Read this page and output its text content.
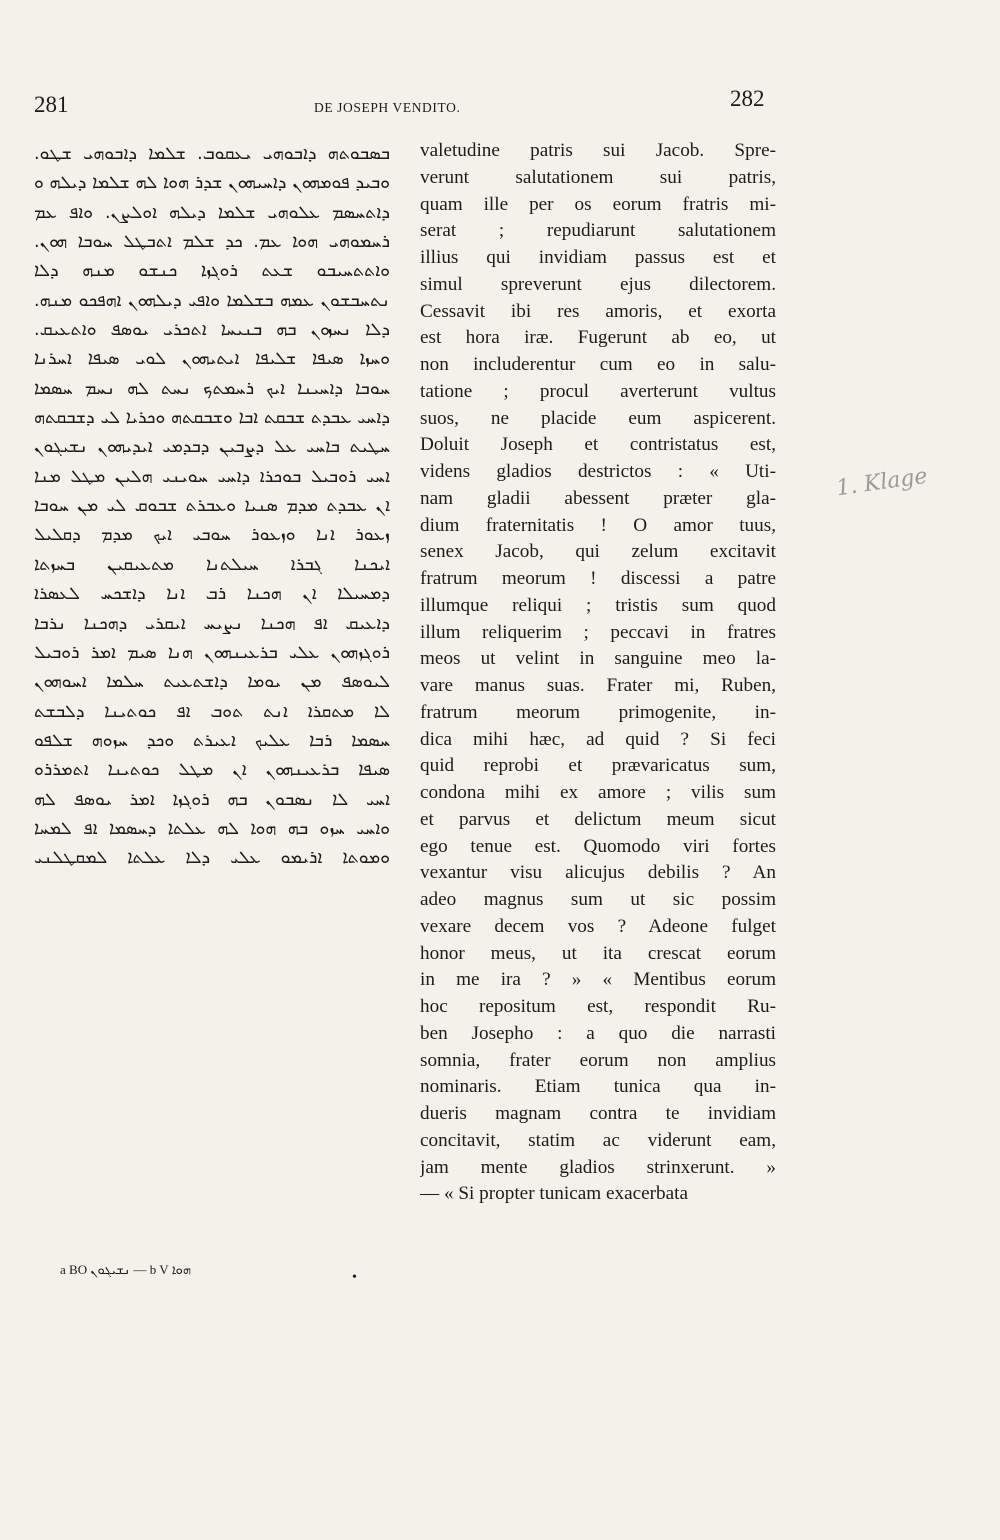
281	DE JOSEPH VENDITO.	282
ܒܣܒܘܬܗ ܕܐܒܘܗܝ ܝܥܩܘܒ. ܫܠܡܐ ܕܐܒܘܗܝ ܫܛܘ.
ܘܒܝܕ ܦܘܡܗܘܢ ܕܐܚܝܗܘܢ ܫܕܪ ܗܘܐ ܠܗ ܫܠܡܐ ܕܝܠܗ ܘ
ܕܐܬܚܣܡ ܥܠܘܗܝ ܫܠܡܐ ܕܝܠܗ ܐܘܠܨܢ. ܘܐܦ ܥܡ
ܪܚܡܘܗܝ ܗܘܐ ܥܡ. ܟܕ ܫܠܡ ܐܬܒܛܠ ܚܘܒܐ ܗܘܢ.
ܘܐܬܬܚܝܒܘ ܫܥܬ ܪܘܓܙܐ ܟܢܫܘ ܡܢܗ ܕܠܐ
ܢܬܚܒܫܘܢ ܥܡܗ ܒܫܠܡܐ ܘܐܦܝ ܕܝܠܗܘܢ ܐܗܦܟܘ ܡܢܗ.
ܕܠܐ ܢܚܙܘܢ ܒܗ ܒܢܝܚܐ ܐܬܟܪܝ ܝܘܣܦ ܘܐܬܥܝܩ.
ܘܚܙܐ ܣܝܦܐ ܫܠܝܦܐ ܐܝܬܝܗܘܢ ܠܘܝ ܣܝܦܐ ܐܚܪܢܐ
ܚܘܒܐ ܕܐܚܝܢܐ ܐܝܟ ܪܚܡܬܟ ܢܚܬ ܠܗ ܢܚܡ ܚܣܡܐ
ܕܐܚܝ ܥܒܕܬ ܫܒܩܬ ܐܒܐ ܘܫܒܩܬܗ ܘܟܪܝܐ ܠܝ ܕܫܒܩܬܗ
ܚܛܝܬ ܒܐܚܝ ܥܠ ܕܨܒܝܢ ܕܒܕܡܝ ܐܝܕܝܗܘܢ ܢܫܝܓܘܢ
ܐܚܝ ܪܘܒܝܠ ܒܘܟܪܐ ܕܐܚܝ ܚܘܝܢܝ ܗܠܝܢ ܡܛܠ ܡܢܐ
ܐܢ ܥܒܕܬ ܡܕܡ ܣܢܝܐ ܘܥܒܪܬ ܫܒܘܩ ܠܝ ܡܢ ܚܘܒܐ
ܙܥܘܪ ܐܢܐ ܘܙܥܘܪ ܚܘܒܝ ܐܝܟ ܡܕܡ ܕܩܠܝܠ
ܐܝܟܢܐ ܓܒܪܐ ܚܝܠܬܢܐ ܡܬܥܝܩܝܢ ܒܚܙܬܐ
ܕܡܚܝܠܐ ܐܢ ܗܟܢܐ ܪܒ ܐܢܐ ܕܐܫܟܚ ܠܥܣܪܐ
ܕܐܥܝܩ ܐܦ ܗܟܢܐ ܢܨܝܚ ܐܝܩܪܝ ܕܗܟܢܐ ܢܪܒܐ
ܪܘܓܙܗܘܢ ܥܠܝ ܒܪܥܝܢܗܘܢ ܗܢܐ ܣܝܡ ܐܡܪ ܪܘܒܝܠ
ܠܝܘܣܦ ܡܢ ܝܘܡܐ ܕܐܫܬܥܝܬ ܚܠܡܐ ܐܚܘܗܘܢ
ܠܐ ܡܬܩܪܐ ܐܢܬ ܬܘܒ ܐܦ ܟܘܬܝܢܐ ܕܠܒܫܬ
ܚܣܡܐ ܪܒܐ ܥܠܝܟ ܐܥܝܪܬ ܘܟܕ ܚܙܘܗ ܫܠܦܘ
ܣܝܦܐ ܒܪܥܝܢܗܘܢ ܐܢ ܡܛܠ ܟܘܬܝܢܐ ܐܬܡܪܪܘ
ܐܚܝ ܠܐ ܢܣܒܘܢ ܒܗ ܪܘܓܙܐ ܐܡܪ ܝܘܣܦ ܠܗ
ܘܐܚܝ ܚܙܘ ܒܗ ܗܘܐ ܠܗ ܥܠܬܐ ܕܚܣܡܐ ܐܦ ܠܡܚܐ
ܘܡܘܬܐ ܐܪܝܡܘ ܥܠܝ ܕܠܐ ܥܠܬܐ ܠܡܩܛܠܢܝ
valetudine patris sui Jacob. Spre-
verunt salutationem sui patris,
quam ille per os eorum fratris mi-
serat ; repudiarunt salutationem
illius qui invidiam passus est et
simul spreverunt ejus dilectorem.
Cessavit ibi res amoris, et exorta
est hora iræ. Fugerunt ab eo, ut
non includerentur cum eo in salu-
tatione ; procul averterunt vultus
suos, ne placide eum aspicerent.
Doluit Joseph et contristatus est,
videns gladios destrictos : « Uti-
nam gladii abessent præter gla-
dium fraternitatis ! O amor tuus,
senex Jacob, qui zelum excitavit
fratrum meorum ! discessi a patre
illumque reliqui ; tristis sum quod
illum reliquerim ; peccavi in fratres
meos ut velint in sanguine meo la-
vare manus suas. Frater mi, Ruben,
fratrum meorum primogenite, in-
dica mihi hæc, ad quid ? Si feci
quid reprobi et prævaricatus sum,
condona mihi ex amore ; vilis sum
et parvus et delictum meum sicut
ego tenue est. Quomodo viri fortes
vexantur visu alicujus debilis ? An
adeo magnus sum ut sic possim
vexare decem vos ? Adeone fulget
honor meus, ut ita crescat eorum
in me ira ? » « Mentibus eorum
hoc repositum est, respondit Ru-
ben Josepho : a quo die narrasti
somnia, frater eorum non amplius
nominaris. Etiam tunica qua in-
dueris magnam contra te invidiam
concitavit, statim ac viderunt eam,
jam mente gladios strinxerunt. »
— « Si propter tunicam exacerbata
1. Klage
a BO ܢܫܝܓܘܢ — b V ܗܘܐ
•
